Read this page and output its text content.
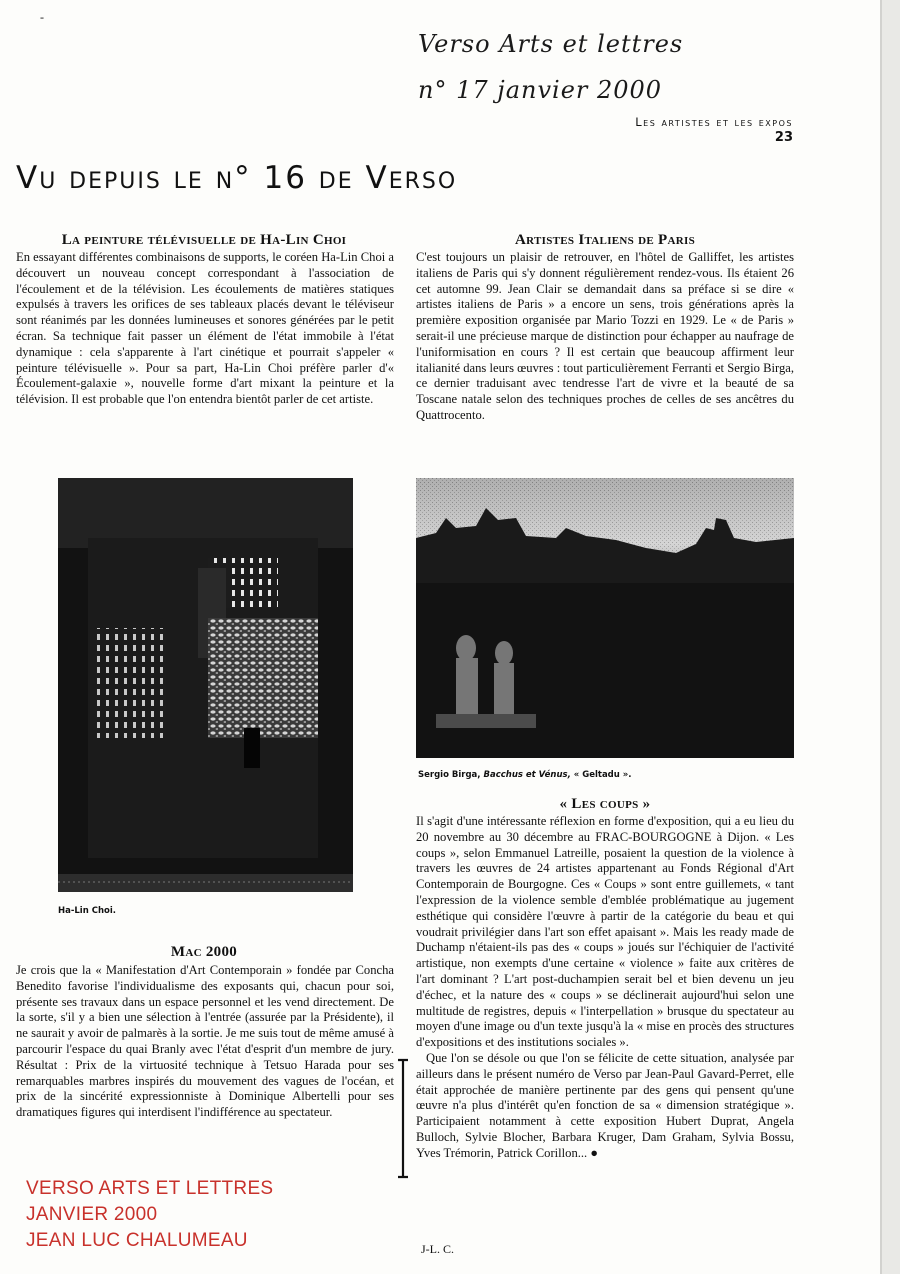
-
Verso Arts et lettres
n° 17 janvier 2000
Les artistes et les expos
23
Vu depuis le n° 16 de Verso
La peinture télévisuelle de Ha-Lin Choi

En essayant différentes combinaisons de supports, le coréen Ha-Lin Choi a découvert un nouveau concept correspondant à l'association de l'écoulement et de la télévision. Les écoulements de matières statiques expulsés à travers les orifices de ses tableaux placés devant le téléviseur sont réanimés par les données lumineuses et sonores générées par le petit écran. Sa technique fait passer un élément de l'état immobile à l'état dynamique : cela s'apparente à l'art cinétique et pourrait s'appeler « peinture télévisuelle ». Pour sa part, Ha-Lin Choi préfère parler d'« Écoulement-galaxie », nouvelle forme d'art mixant la peinture et la télévision. Il est probable que l'on entendra bientôt parler de cet artiste.

Artistes Italiens de Paris

C'est toujours un plaisir de retrouver, en l'hôtel de Galliffet, les artistes italiens de Paris qui s'y donnent régulièrement rendez-vous. Ils étaient 26 cet automne 99. Jean Clair se demandait dans sa préface si se dire « artistes italiens de Paris » a encore un sens, trois générations après la première exposition organisée par Mario Tozzi en 1929. Le « de Paris » serait-il une précieuse marque de distinction pour échapper au naufrage de l'uniformisation en cours ? Il est certain que beaucoup affirment leur italianité dans leurs œuvres : tout particulièrement Ferranti et Sergio Birga, ce dernier traduisant avec tendresse l'art de vivre et la beauté de sa Toscane natale selon des techniques proches de celles de ses ancêtres du Quattrocento.

Ha-Lin Choi.
Sergio Birga, Bacchus et Vénus, « Geltadu ».
Mac 2000

Je crois que la « Manifestation d'Art Contemporain » fondée par Concha Benedito favorise l'individualisme des exposants qui, chacun pour soi, présente ses travaux dans un espace personnel et les vend directement. De la sorte, s'il y a bien une sélection à l'entrée (assurée par la Présidente), il ne saurait y avoir de palmarès à la sortie. Je me suis tout de même amusé à parcourir l'espace du quai Branly avec l'état d'esprit d'un membre de jury. Résultat : Prix de la virtuosité technique à Tetsuo Harada pour ses remarquables marbres inspirés du mouvement des vagues de l'océan, et prix de la sincérité expressionniste à Dominique Albertelli pour ses dramatiques figures qui interdisent l'indifférence au spectateur.

« Les coups »

Il s'agit d'une intéressante réflexion en forme d'exposition, qui a eu lieu du 20 novembre au 30 décembre au FRAC-BOURGOGNE à Dijon. « Les coups », selon Emmanuel Latreille, posaient la question de la violence à travers les œuvres de 24 artistes appartenant au Fonds Régional d'Art Contemporain de Bourgogne. Ces « Coups » sont entre guillemets, « tant l'expression de la violence semble d'emblée problématique au jugement esthétique qui considère l'œuvre à partir de la catégorie du beau et qui voudrait privilégier dans l'art son effet apaisant ». Mais les ready made de Duchamp n'étaient-ils pas des « coups » joués sur l'échiquier de l'activité artistique, non exempts d'une certaine « violence » faite aux critères de l'art dominant ? L'art post-duchampien serait bel et bien devenu un jeu d'échec, et la nature des « coups » se déclinerait aujourd'hui selon une multitude de registres, depuis « l'interpellation » brusque du spectateur au moyen d'une image ou d'un texte jusqu'à la « mise en procès des structures d'expositions et des institutions sociales ».

Que l'on se désole ou que l'on se félicite de cette situation, analysée par ailleurs dans le présent numéro de Verso par Jean-Paul Gavard-Perret, elle était approchée de manière pertinente par des gens qui pensent qu'une œuvre n'a plus d'intérêt qu'en fonction de sa « dimension stratégique ». Participaient notamment à cette exposition Hubert Duprat, Angela Bulloch, Sylvie Blocher, Barbara Kruger, Dam Graham, Sylvia Bossu, Yves Trémorin, Patrick Corillon... ●

J-L. C.
VERSO ARTS ET LETTRES
JANVIER 2000
JEAN LUC CHALUMEAU
